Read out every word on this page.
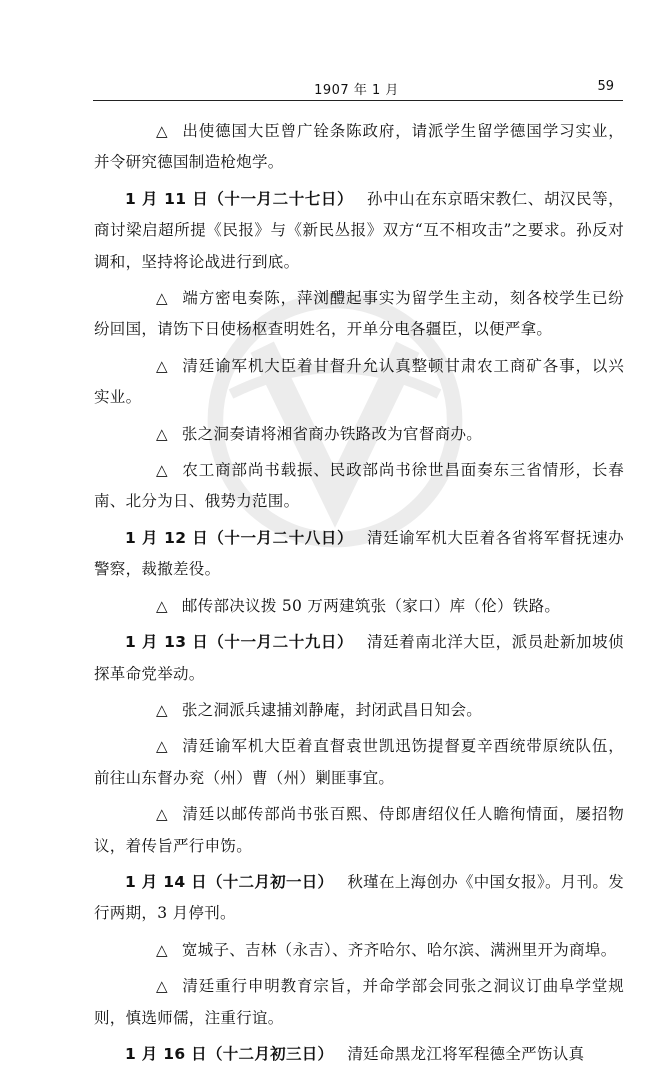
1907 年 1 月	59

△ 出使德国大臣曾广铨条陈政府，请派学生留学德国学习实业，并令研究德国制造枪炮学。

1 月 11 日（十一月二十七日） 孙中山在东京晤宋教仁、胡汉民等，商讨梁启超所提《民报》与《新民丛报》双方“互不相攻击”之要求。孙反对调和，坚持将论战进行到底。

△ 端方密电奏陈，萍浏醴起事实为留学生主动，刻各校学生已纷纷回国，请饬下日使杨枢查明姓名，开单分电各疆臣，以便严拿。

△ 清廷谕军机大臣着甘督升允认真整顿甘肃农工商矿各事，以兴实业。

△ 张之洞奏请将湘省商办铁路改为官督商办。

△ 农工商部尚书载振、民政部尚书徐世昌面奏东三省情形，长春南、北分为日、俄势力范围。

1 月 12 日（十一月二十八日） 清廷谕军机大臣着各省将军督抚速办警察，裁撤差役。

△ 邮传部决议拨 50 万两建筑张（家口）库（伦）铁路。

1 月 13 日（十一月二十九日） 清廷着南北洋大臣，派员赴新加坡侦探革命党举动。

△ 张之洞派兵逮捕刘静庵，封闭武昌日知会。

△ 清廷谕军机大臣着直督袁世凯迅饬提督夏辛酉统带原统队伍，前往山东督办兖（州）曹（州）剿匪事宜。

△ 清廷以邮传部尚书张百熙、侍郎唐绍仪任人瞻徇情面，屡招物议，着传旨严行申饬。

1 月 14 日（十二月初一日） 秋瑾在上海创办《中国女报》。月刊。发行两期，3 月停刊。

△ 宽城子、吉林（永吉）、齐齐哈尔、哈尔滨、满洲里开为商埠。

△ 清廷重行申明教育宗旨，并命学部会同张之洞议订曲阜学堂规则，慎选师儒，注重行谊。

1 月 16 日（十二月初三日） 清廷命黑龙江将军程德全严饬认真
